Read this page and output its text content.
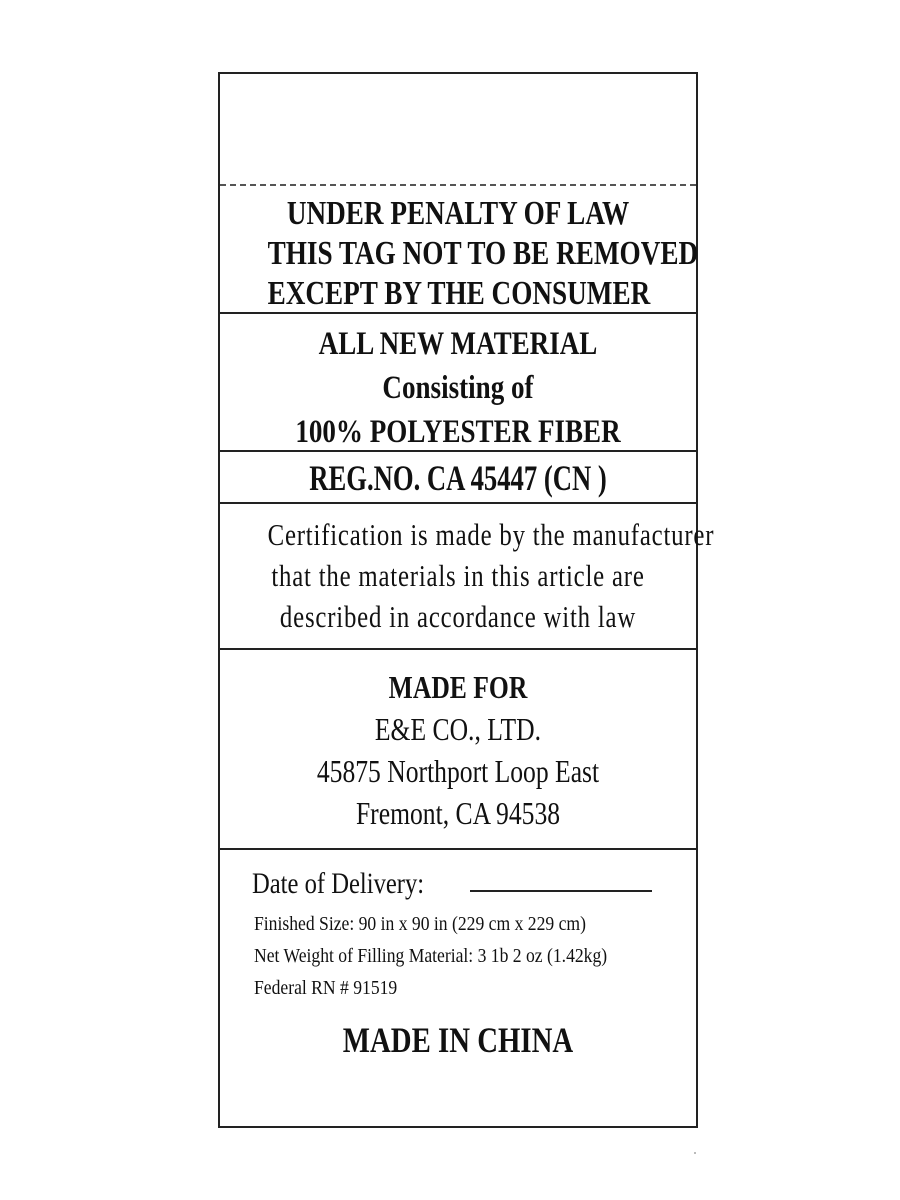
UNDER PENALTY OF LAW
THIS TAG NOT TO BE REMOVED
EXCEPT BY THE CONSUMER
ALL NEW MATERIAL
Consisting of
100% POLYESTER FIBER
REG.NO. CA 45447 (CN )
Certification is made by the manufacturer
that the materials in this article are
described in accordance with law
MADE FOR
E&E CO., LTD.
45875 Northport Loop East
Fremont, CA 94538
Date of Delivery:
Finished Size: 90 in x 90 in (229 cm x 229 cm)
Net Weight of Filling Material: 3 1b 2 oz (1.42kg)
Federal RN # 91519
MADE IN CHINA
